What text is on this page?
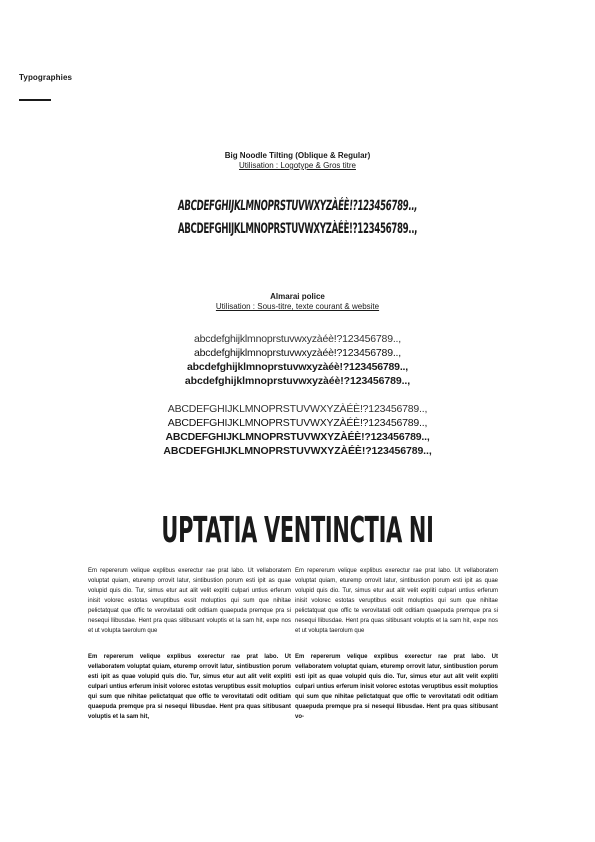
Typographies
Big Noodle Tilting (Oblique & Regular)
Utilisation : Logotype & Gros titre
ABCDEFGHIJKLMNOPRSTUVWXYZÀÉÈ!?123456789..,
ABCDEFGHIJKLMNOPRSTUVWXYZÀÉÈ!?123456789..,
Almarai police
Utilisation : Sous-titre, texte courant & website
abcdefghijklmnoprstuvwxyzàéè!?123456789..,
abcdefghijklmnoprstuvwxyzàéè!?123456789..,
abcdefghijklmnoprstuvwxyzàéè!?123456789..,
abcdefghijklmnoprstuvwxyzàéè!?123456789..,
ABCDEFGHIJKLMNOPRSTUVWXYZÀÉÈ!?123456789..,
ABCDEFGHIJKLMNOPRSTUVWXYZÀÉÈ!?123456789..,
ABCDEFGHIJKLMNOPRSTUVWXYZÀÉÈ!?123456789..,
ABCDEFGHIJKLMNOPRSTUVWXYZÀÉÈ!?123456789..,
UPTATIA VENTINCTIA NI
Em repererum velique explibus exerectur rae prat labo. Ut vellaboratem voluptat quiam, eturemp orrovit latur, sintibustion porum esti ipit as quae volupid quis dio. Tur, simus etur aut alit velit expliti culpari untius erferum inisit volorec estotas veruptibus essit moluptios qui sum que nihitae pelictatquat que offic te verovitatati odit oditiam quaepuda premque pra si nesequi llibusdae. Hent pra quas sitibusant voluptis et la sam hit, expe nos et ut volupta taerolum que
Em repererum velique explibus exerectur rae prat labo. Ut vellaboratem voluptat quiam, eturemp orrovit latur, sintibustion porum esti ipit as quae volupid quis dio. Tur, simus etur aut alit velit expliti culpari untius erferum inisit volorec estotas veruptibus essit moluptios qui sum que nihitae pelictatquat que offic te verovitatati odit oditiam quaepuda premque pra si nesequi llibusdae. Hent pra quas sitibusant voluptis et la sam hit, expe nos et ut volupta taerolum que
Em repererum velique explibus exerectur rae prat labo. Ut vellaboratem voluptat quiam, eturemp orrovit latur, sintibustion porum esti ipit as quae volupid quis dio. Tur, simus etur aut alit velit expliti culpari untius erferum inisit volorec estotas veruptibus essit moluptios qui sum que nihitae pelictatquat que offic te verovitatati odit oditiam quaepuda premque pra si nesequi llibusdae. Hent pra quas sitibusant voluptis et la sam hit,
Em repererum velique explibus exerectur rae prat labo. Ut vellaboratem voluptat quiam, eturemp orrovit latur, sintibustion porum esti ipit as quae volupid quis dio. Tur, simus etur aut alit velit expliti culpari untius erferum inisit volorec estotas veruptibus essit moluptios qui sum que nihitae pelictatquat que offic te verovitatati odit oditiam quaepuda premque pra si nesequi llibusdae. Hent pra quas sitibusant vo-
